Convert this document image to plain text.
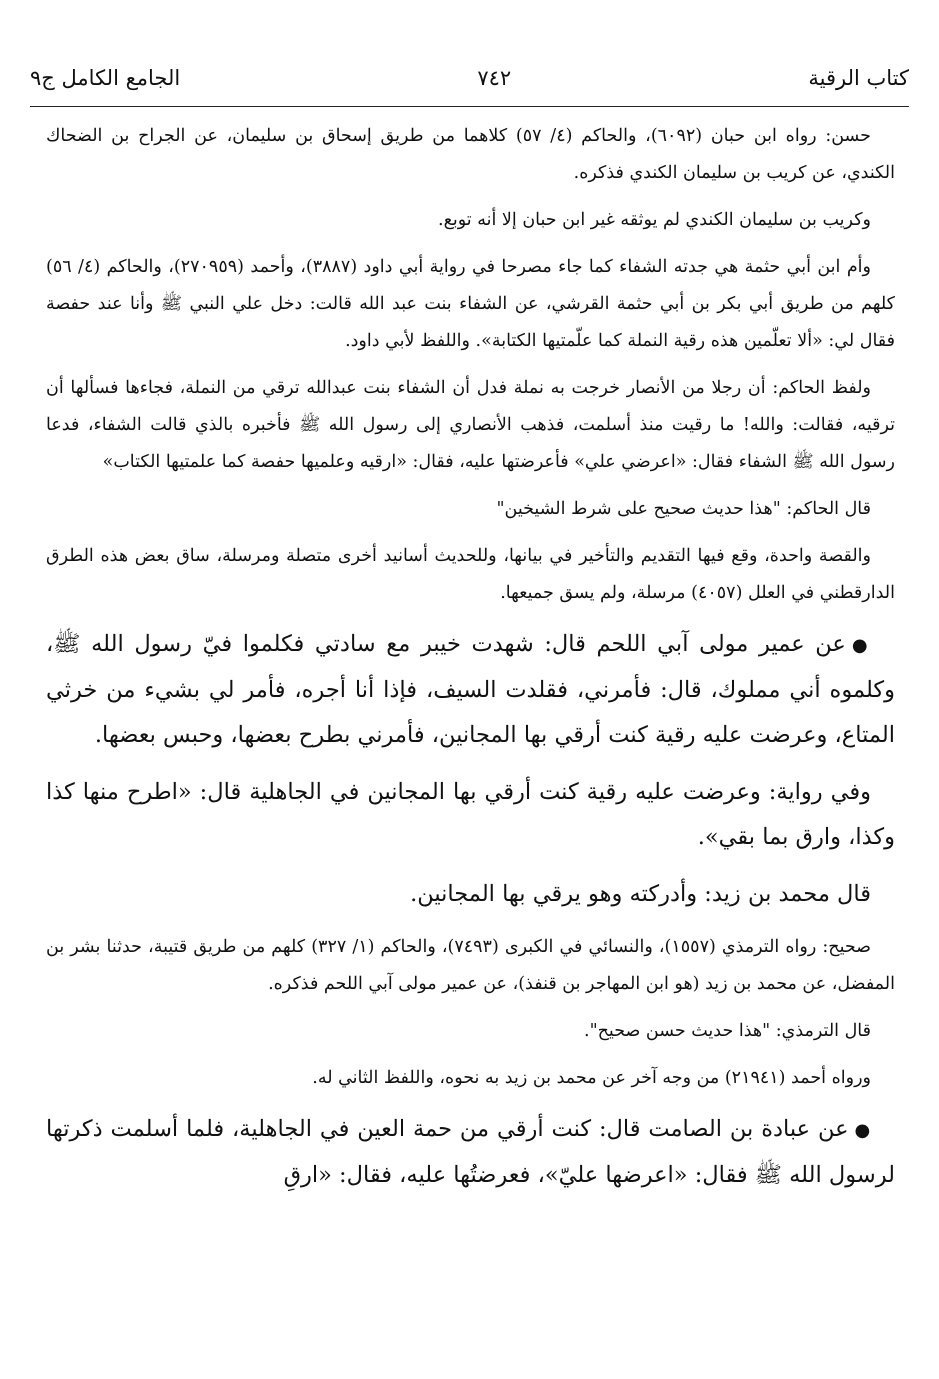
كتاب الرقية
٧٤٢
الجامع الكامل ج٩

حسن: رواه ابن حبان (٦٠٩٢)، والحاكم (٤/ ٥٧) كلاهما من طريق إسحاق بن سليمان، عن الجراح بن الضحاك الكندي، عن كريب بن سليمان الكندي فذكره.

وكريب بن سليمان الكندي لم يوثقه غير ابن حبان إلا أنه توبع.

وأم ابن أبي حثمة هي جدته الشفاء كما جاء مصرحا في رواية أبي داود (٣٨٨٧)، وأحمد (٢٧٠٩٥٩)، والحاكم (٤/ ٥٦) كلهم من طريق أبي بكر بن أبي حثمة القرشي، عن الشفاء بنت عبد الله قالت: دخل علي النبي ﷺ وأنا عند حفصة فقال لي: «ألا تعلّمين هذه رقية النملة كما علّمتيها الكتابة». واللفظ لأبي داود.

ولفظ الحاكم: أن رجلا من الأنصار خرجت به نملة فدل أن الشفاء بنت عبدالله ترقي من النملة، فجاءها فسألها أن ترقيه، فقالت: والله! ما رقيت منذ أسلمت، فذهب الأنصاري إلى رسول الله ﷺ فأخبره بالذي قالت الشفاء، فدعا رسول الله ﷺ الشفاء فقال: «اعرضي علي» فأعرضتها عليه، فقال: «ارقيه وعلميها حفصة كما علمتيها الكتاب»

قال الحاكم: "هذا حديث صحيح على شرط الشيخين"

والقصة واحدة، وقع فيها التقديم والتأخير في بيانها، وللحديث أسانيد أخرى متصلة ومرسلة، ساق بعض هذه الطرق الدارقطني في العلل (٤٠٥٧) مرسلة، ولم يسق جميعها.

●عن عمير مولى آبي اللحم قال: شهدت خيبر مع سادتي فكلموا فيّ رسول الله ﷺ، وكلموه أني مملوك، قال: فأمرني، فقلدت السيف، فإذا أنا أجره، فأمر لي بشيء من خرثي المتاع، وعرضت عليه رقية كنت أرقي بها المجانين، فأمرني بطرح بعضها، وحبس بعضها.

وفي رواية: وعرضت عليه رقية كنت أرقي بها المجانين في الجاهلية قال: «اطرح منها كذا وكذا، وارق بما بقي».

قال محمد بن زيد: وأدركته وهو يرقي بها المجانين.

صحيح: رواه الترمذي (١٥٥٧)، والنسائي في الكبرى (٧٤٩٣)، والحاكم (١/ ٣٢٧) كلهم من طريق قتيبة، حدثنا بشر بن المفضل، عن محمد بن زيد (هو ابن المهاجر بن قنفذ)، عن عمير مولى آبي اللحم فذكره.

قال الترمذي: "هذا حديث حسن صحيح".

ورواه أحمد (٢١٩٤١) من وجه آخر عن محمد بن زيد به نحوه، واللفظ الثاني له.

●عن عبادة بن الصامت قال: كنت أرقي من حمة العين في الجاهلية، فلما أسلمت ذكرتها لرسول الله ﷺ فقال: «اعرضها عليّ»، فعرضتُها عليه، فقال: «ارقِ
